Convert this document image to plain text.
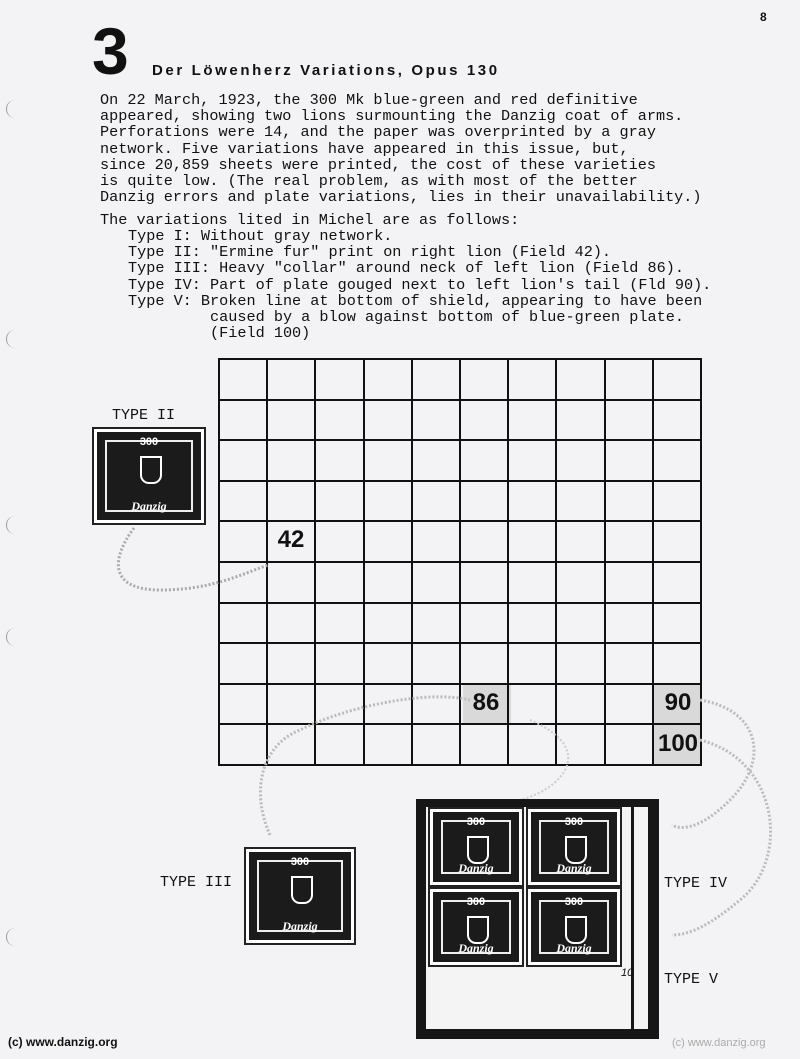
8
3 Der Löwenherz Variations, Opus 130
On 22 March, 1923, the 300 Mk blue-green and red definitive
appeared, showing two lions surmounting the Danzig coat of arms.
Perforations were 14, and the paper was overprinted by a gray
network. Five variations have appeared in this issue, but,
since 20,859 sheets were printed, the cost of these varieties
is quite low. (The real problem, as with most of the better
Danzig errors and plate variations, lies in their unavailability.)
The variations lited in Michel are as follows:
Type I: Without gray network.
Type II: "Ermine fur" print on right lion (Field 42).
Type III: Heavy "collar" around neck of left lion (Field 86).
Type IV: Part of plate gouged next to left lion's tail (Fld 90).
Type V: Broken line at bottom of shield, appearing to have been
caused by a blow against bottom of blue-green plate.
(Field 100)
42
86	90
100
TYPE II
300
Danzig
TYPE III
300
Danzig
300
Danzig
300
Danzig
300
Danzig
300
Danzig
10
TYPE IV
TYPE V
(c) www.danzig.org	(c) www.danzig.org
